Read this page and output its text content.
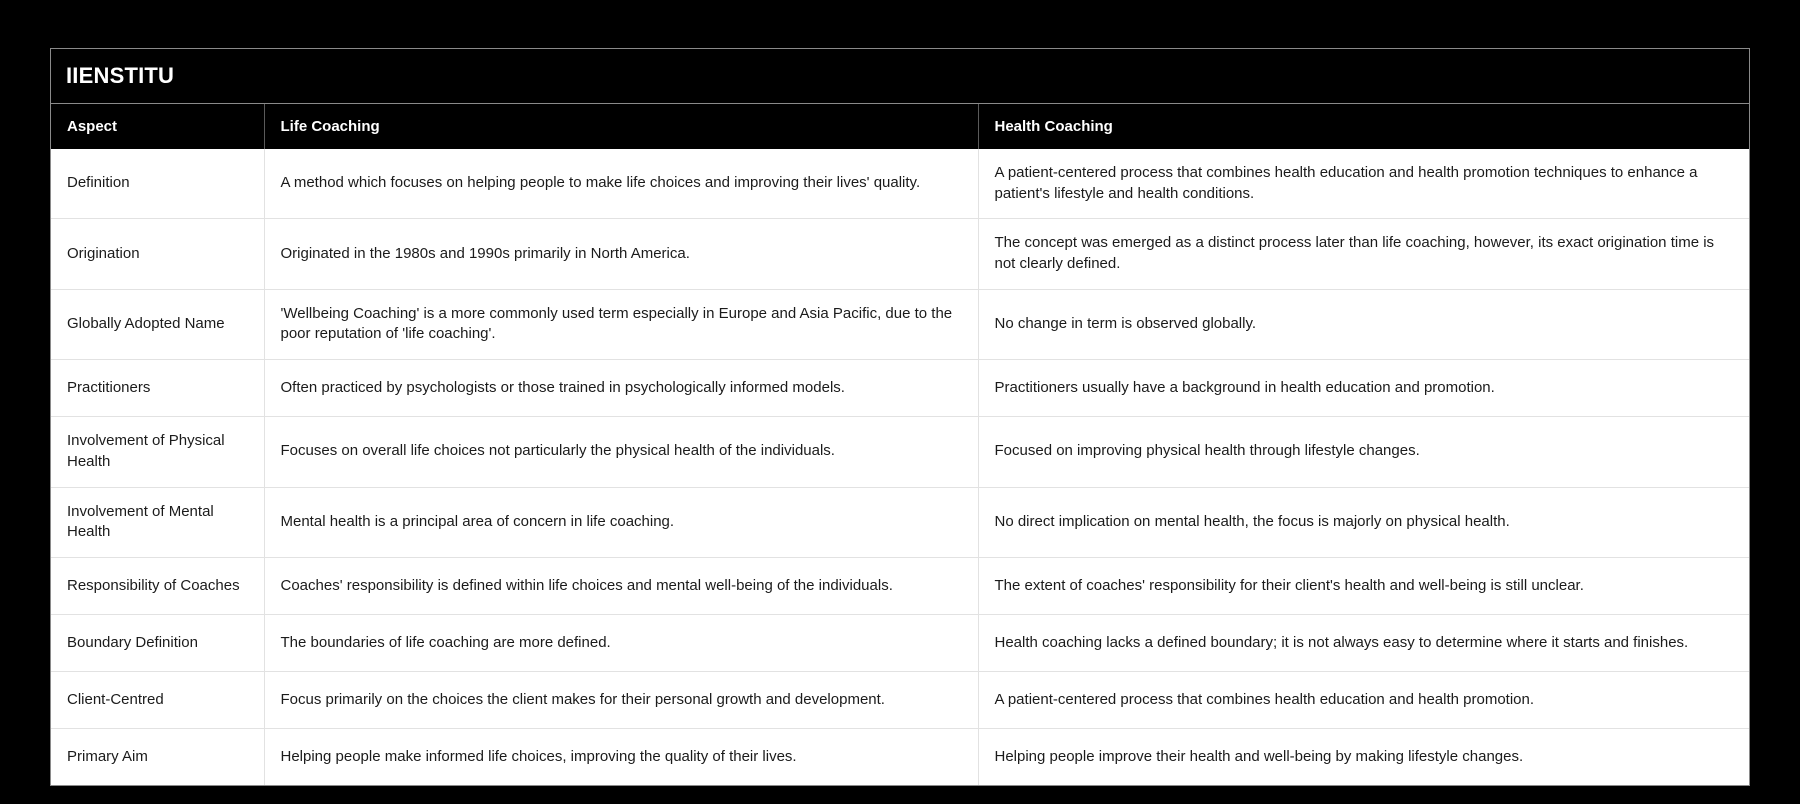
IIENSTITU
Aspect	Life Coaching	Health Coaching
Definition	A method which focuses on helping people to make life choices and improving their lives' quality.	A patient-centered process that combines health education and health promotion techniques to enhance a patient's lifestyle and health conditions.
Origination	Originated in the 1980s and 1990s primarily in North America.	The concept was emerged as a distinct process later than life coaching, however, its exact origination time is not clearly defined.
Globally Adopted Name	'Wellbeing Coaching' is a more commonly used term especially in Europe and Asia Pacific, due to the poor reputation of 'life coaching'.	No change in term is observed globally.
Practitioners	Often practiced by psychologists or those trained in psychologically informed models.	Practitioners usually have a background in health education and promotion.
Involvement of Physical Health	Focuses on overall life choices not particularly the physical health of the individuals.	Focused on improving physical health through lifestyle changes.
Involvement of Mental Health	Mental health is a principal area of concern in life coaching.	No direct implication on mental health, the focus is majorly on physical health.
Responsibility of Coaches	Coaches' responsibility is defined within life choices and mental well-being of the individuals.	The extent of coaches' responsibility for their client's health and well-being is still unclear.
Boundary Definition	The boundaries of life coaching are more defined.	Health coaching lacks a defined boundary; it is not always easy to determine where it starts and finishes.
Client-Centred	Focus primarily on the choices the client makes for their personal growth and development.	A patient-centered process that combines health education and health promotion.
Primary Aim	Helping people make informed life choices, improving the quality of their lives.	Helping people improve their health and well-being by making lifestyle changes.
